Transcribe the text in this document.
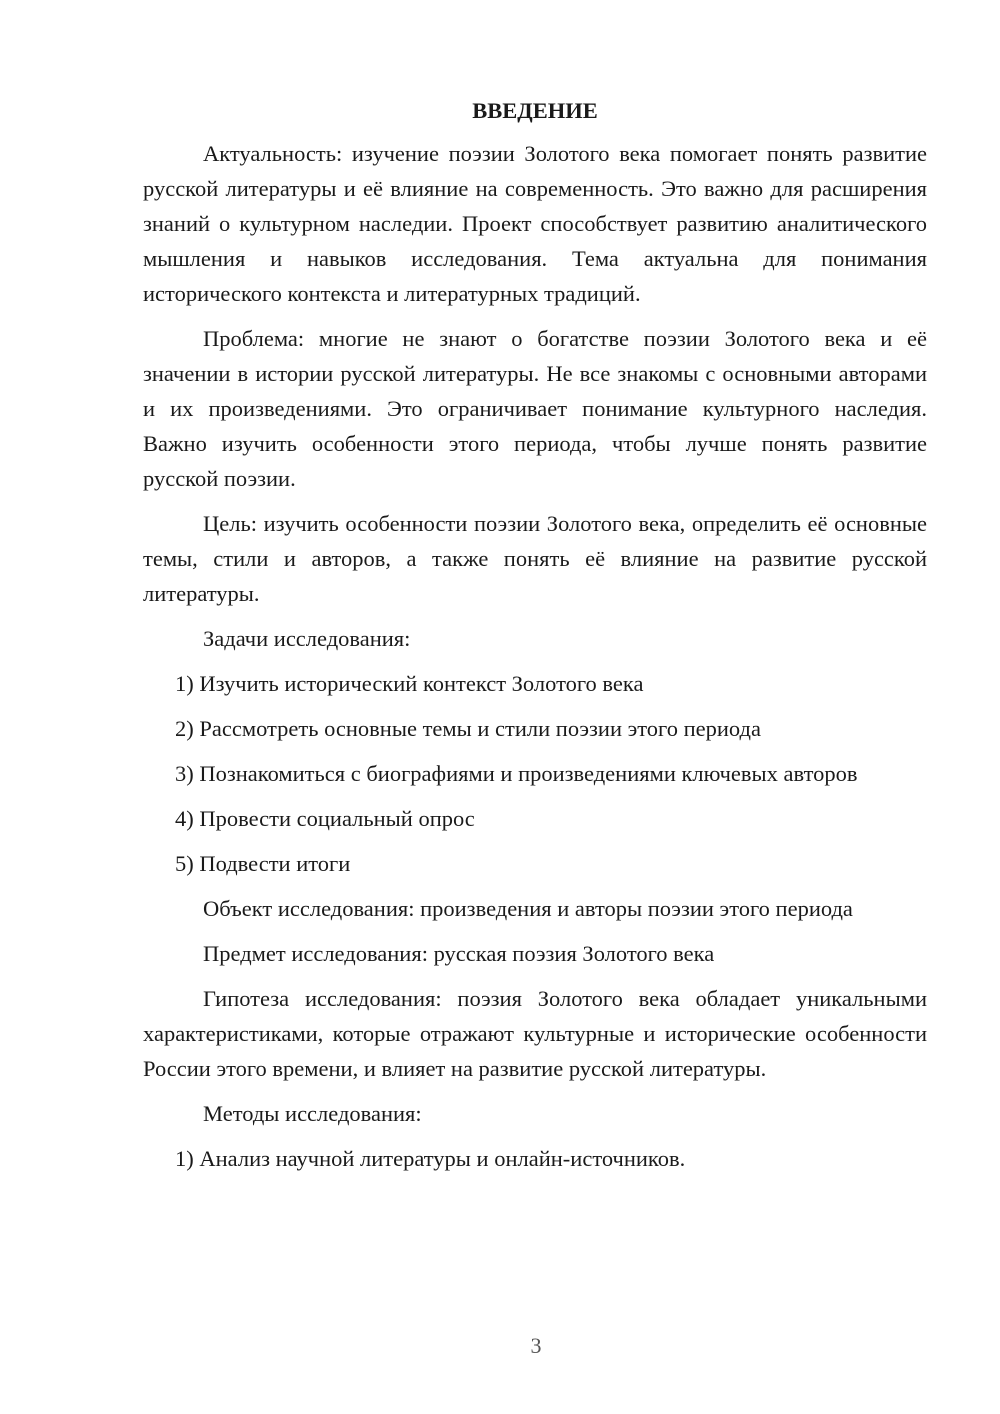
ВВЕДЕНИЕ
Актуальность: изучение поэзии Золотого века помогает понять развитие русской литературы и её влияние на современность. Это важно для расширения знаний о культурном наследии. Проект способствует развитию аналитического мышления и навыков исследования. Тема актуальна для понимания исторического контекста и литературных традиций.
Проблема: многие не знают о богатстве поэзии Золотого века и её значении в истории русской литературы. Не все знакомы с основными авторами и их произведениями. Это ограничивает понимание культурного наследия. Важно изучить особенности этого периода, чтобы лучше понять развитие русской поэзии.
Цель: изучить особенности поэзии Золотого века, определить её основные темы, стили и авторов, а также понять её влияние на развитие русской литературы.
Задачи исследования:
1) Изучить исторический контекст Золотого века
2) Рассмотреть основные темы и стили поэзии этого периода
3) Познакомиться с биографиями и произведениями ключевых авторов
4) Провести социальный опрос
5) Подвести итоги
Объект исследования: произведения и авторы поэзии этого периода
Предмет исследования: русская поэзия Золотого века
Гипотеза исследования: поэзия Золотого века обладает уникальными характеристиками, которые отражают культурные и исторические особенности России этого времени, и влияет на развитие русской литературы.
Методы исследования:
1) Анализ научной литературы и онлайн-источников.
3
